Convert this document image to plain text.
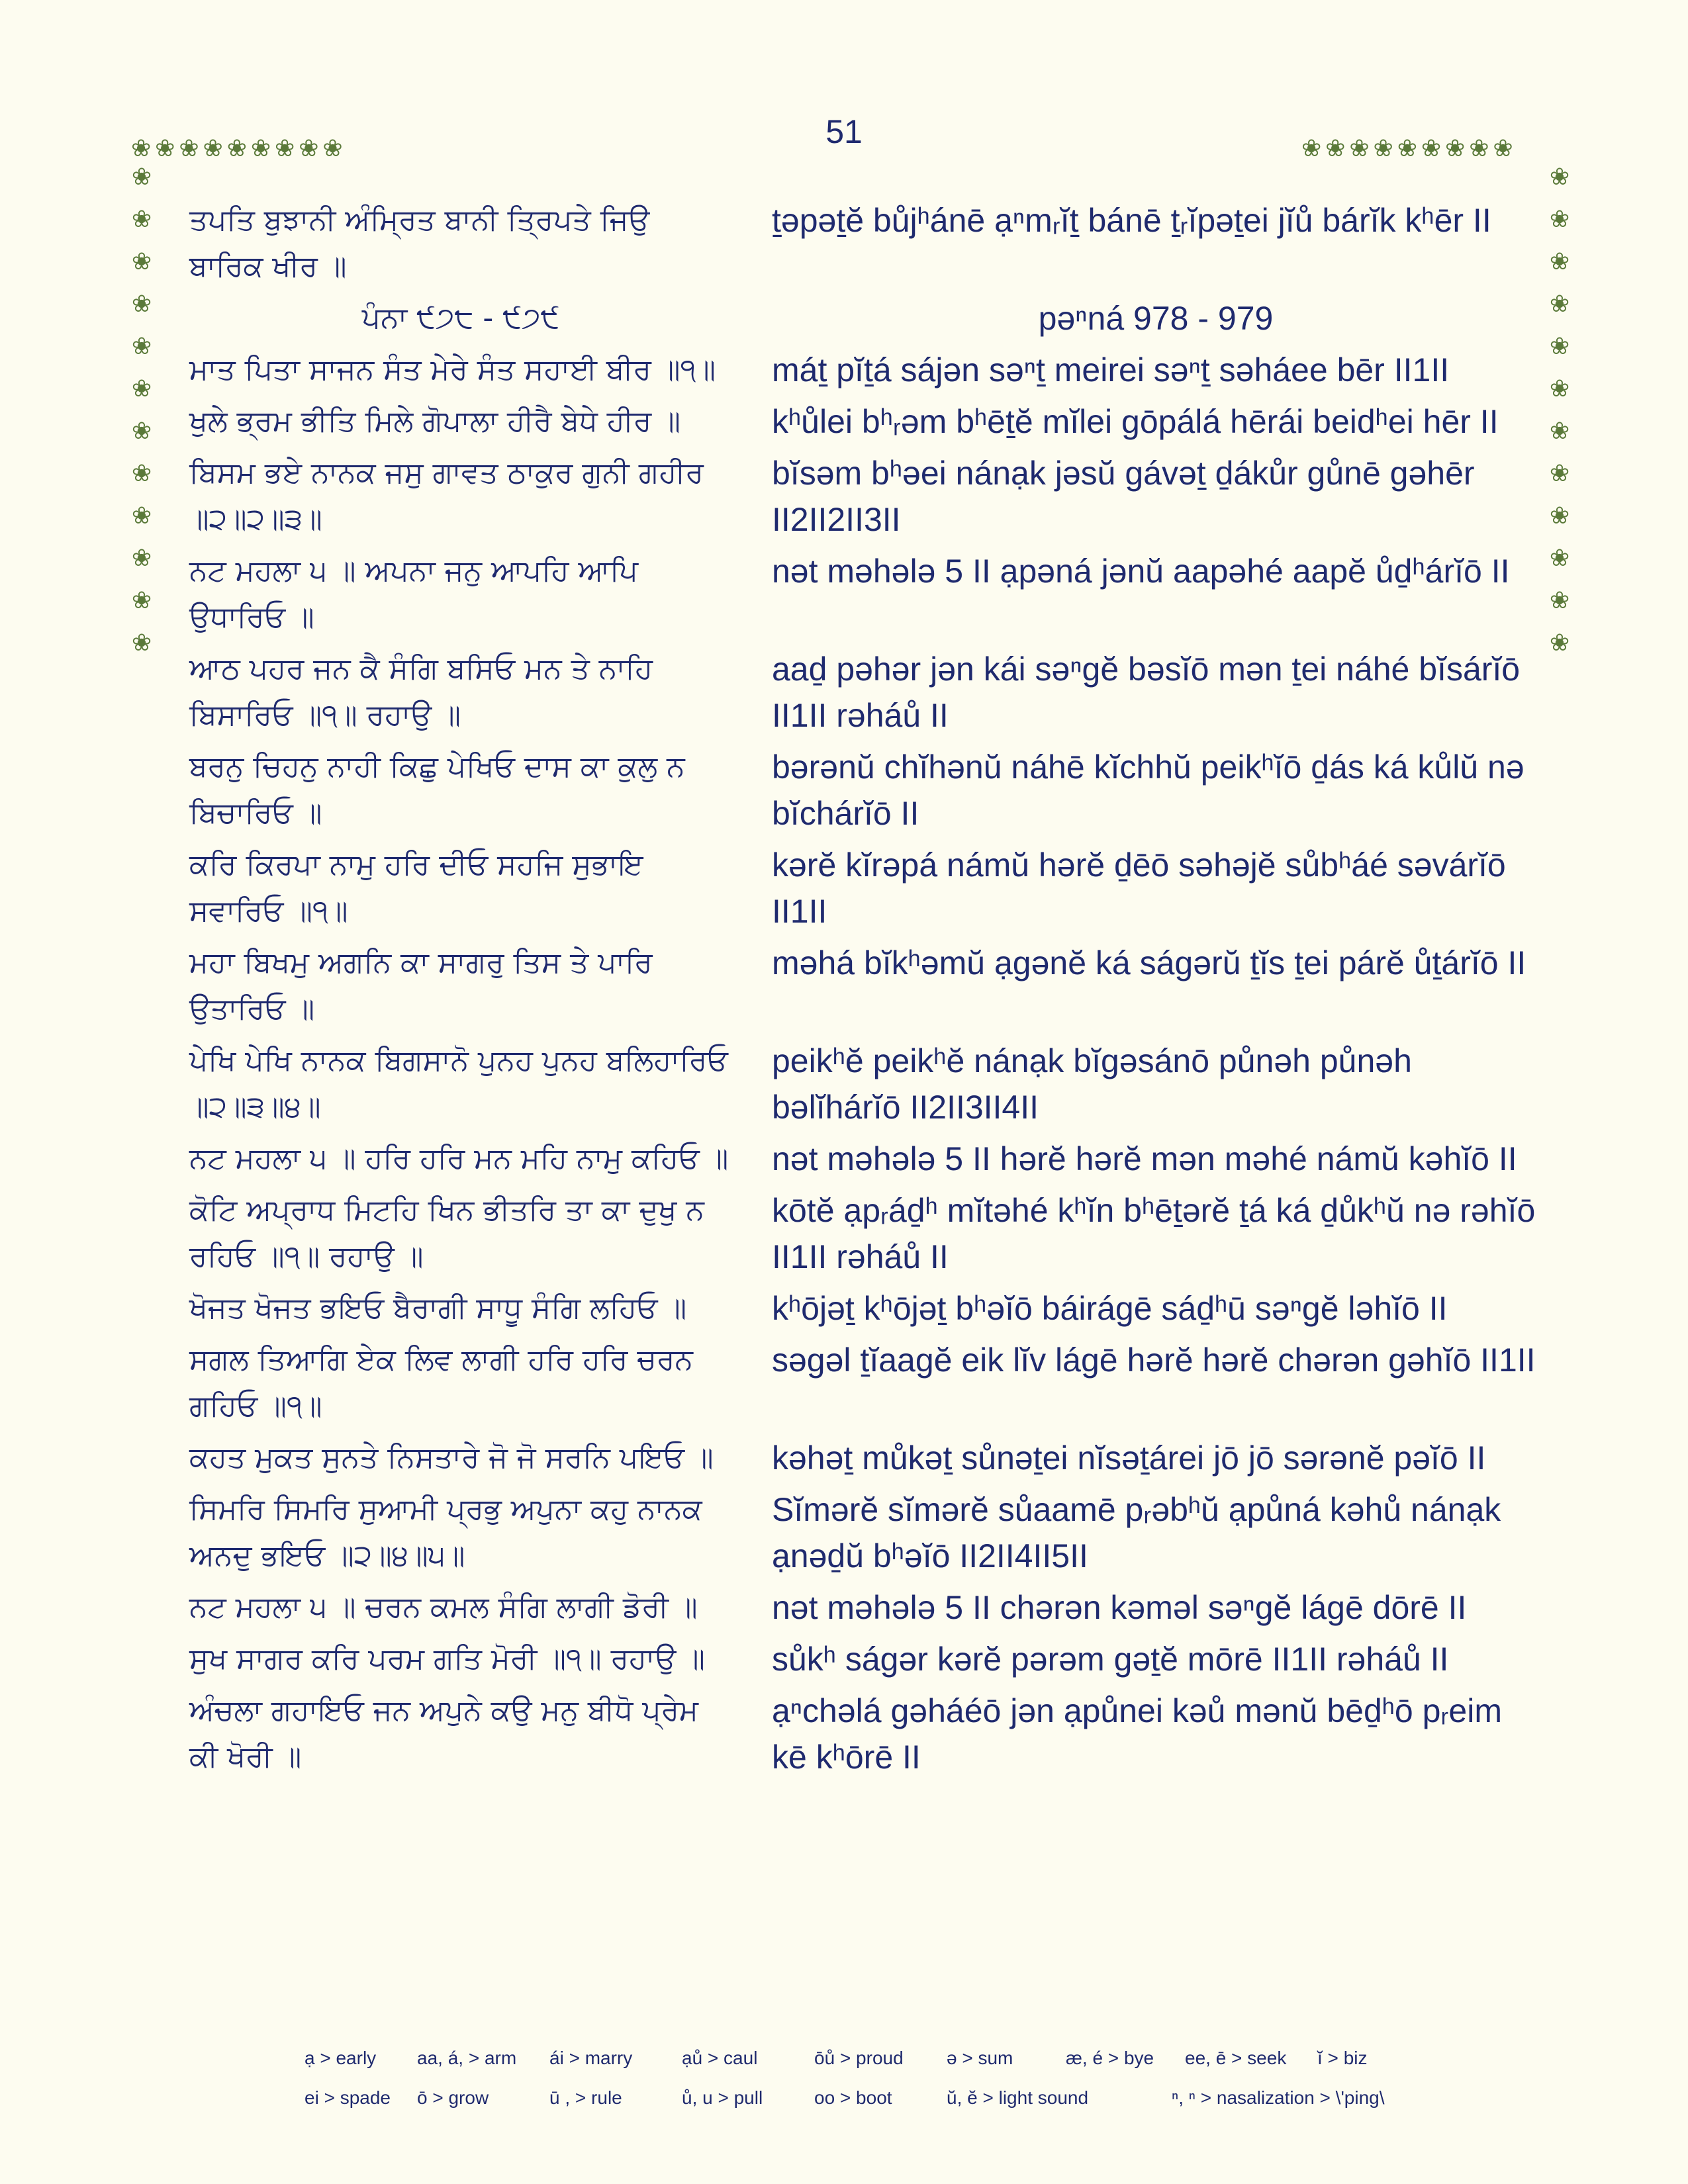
51
❀ ❀ ❀ ❀ ❀ ❀ ❀ ❀ ❀	❀ ❀ ❀ ❀ ❀ ❀ ❀ ❀ ❀
❀
❀
❀
❀
❀
❀
❀
❀
❀
❀
❀
❀
❀
❀
❀
❀
❀
❀
❀
❀
❀
❀
❀
❀
ਤਪਤਿ ਬੁਝਾਨੀ ਅੰਮ੍ਰਿਤ ਬਾਨੀ ਤ੍ਰਿਪਤੇ ਜਿਉ ਬਾਰਿਕ ਖੀਰ ॥
ṯəpəṯĕ bůjʰánē ạⁿmᵣĭṯ bánē ṯᵣĭpəṯei jĭů bárĭk kʰēr II
ਪੰਨਾ ੯੭੮ - ੯੭੯	pəⁿná 978 - 979
ਮਾਤ ਪਿਤਾ ਸਾਜਨ ਸੰਤ ਮੇਰੇ ਸੰਤ ਸਹਾਈ ਬੀਰ ॥੧॥	máṯ pĭṯá sájən səⁿṯ meirei səⁿṯ səháee bēr II1II
ਖੁਲੇ ਭ੍ਰਮ ਭੀਤਿ ਮਿਲੇ ਗੋਪਾਲਾ ਹੀਰੈ ਬੇਧੇ ਹੀਰ ॥	kʰůlei bʰᵣəm bʰēṯĕ mĭlei gōpálá hērái beidʰei hēr II
ਬਿਸਮ ਭਏ ਨਾਨਕ ਜਸੁ ਗਾਵਤ ਠਾਕੁਰ ਗੁਨੀ ਗਹੀਰ ॥੨॥੨॥੩॥
bĭsəm bʰəei nánạk jəsŭ gávəṯ ḏákůr gůnē gəhēr II2II2II3II
ਨਟ ਮਹਲਾ ੫ ॥ ਅਪਨਾ ਜਨੁ ਆਪਹਿ ਆਪਿ ਉਧਾਰਿਓ ॥
nət məhələ 5 II ạpəná jənŭ aapəhé aapĕ ůḏʰárĭō II
ਆਠ ਪਹਰ ਜਨ ਕੈ ਸੰਗਿ ਬਸਿਓ ਮਨ ਤੇ ਨਾਹਿ ਬਿਸਾਰਿਓ ॥੧॥ ਰਹਾਉ ॥
aaḏ pəhər jən kái səⁿgĕ bəsĭō mən ṯei náhé bĭsárĭō II1II rəháů II
ਬਰਨੁ ਚਿਹਨੁ ਨਾਹੀ ਕਿਛੁ ਪੇਖਿਓ ਦਾਸ ਕਾ ਕੁਲੁ ਨ ਬਿਚਾਰਿਓ ॥
bərənŭ chĭhənŭ náhē kĭchhŭ peikʰĭō ḏás ká kůlŭ nə bĭchárĭō II
ਕਰਿ ਕਿਰਪਾ ਨਾਮੁ ਹਰਿ ਦੀਓ ਸਹਜਿ ਸੁਭਾਇ ਸਵਾਰਿਓ ॥੧॥
kərĕ kĭrəpá námŭ hərĕ ḏēō səhəjĕ sůbʰáé səvárĭō II1II
ਮਹਾ ਬਿਖਮੁ ਅਗਨਿ ਕਾ ਸਾਗਰੁ ਤਿਸ ਤੇ ਪਾਰਿ ਉਤਾਰਿਓ ॥
məhá bĭkʰəmŭ ạgənĕ ká ságərŭ ṯĭs ṯei párĕ ůṯárĭō II
ਪੇਖਿ ਪੇਖਿ ਨਾਨਕ ਬਿਗਸਾਨੋ ਪੁਨਹ ਪੁਨਹ ਬਲਿਹਾਰਿਓ ॥੨॥੩॥੪॥
peikʰĕ peikʰĕ nánạk bĭgəsánō půnəh půnəh bəlĭhárĭō II2II3II4II
ਨਟ ਮਹਲਾ ੫ ॥ ਹਰਿ ਹਰਿ ਮਨ ਮਹਿ ਨਾਮੁ ਕਹਿਓ ॥ nət məhələ 5 II hərĕ hərĕ mən məhé námŭ kəhĭō II
ਕੋਟਿ ਅਪ੍ਰਾਧ ਮਿਟਹਿ ਖਿਨ ਭੀਤਰਿ ਤਾ ਕਾ ਦੁਖੁ ਨ ਰਹਿਓ ॥੧॥ ਰਹਾਉ ॥
kōtĕ ạpᵣáḏʰ mĭtəhé kʰĭn bʰēṯərĕ ṯá ká ḏůkʰŭ nə rəhĭō II1II rəháů II
ਖੋਜਤ ਖੋਜਤ ਭਇਓ ਬੈਰਾਗੀ ਸਾਧੂ ਸੰਗਿ ਲਹਿਓ ॥	kʰōjəṯ kʰōjəṯ bʰəĭō báirágē sáḏʰū səⁿgĕ ləhĭō II
ਸਗਲ ਤਿਆਗਿ ਏਕ ਲਿਵ ਲਾਗੀ ਹਰਿ ਹਰਿ ਚਰਨ ਗਹਿਓ ॥੧॥
səgəl ṯĭaagĕ eik lĭv lágē hərĕ hərĕ chərən gəhĭō II1II
ਕਹਤ ਮੁਕਤ ਸੁਨਤੇ ਨਿਸਤਾਰੇ ਜੋ ਜੋ ਸਰਨਿ ਪਇਓ ॥	kəhəṯ můkəṯ sůnəṯei nĭsəṯárei jō jō sərənĕ pəĭō II
ਸਿਮਰਿ ਸਿਮਰਿ ਸੁਆਮੀ ਪ੍ਰਭੁ ਅਪੁਨਾ ਕਹੁ ਨਾਨਕ ਅਨਦੁ ਭਇਓ ॥੨॥੪॥੫॥
Sĭmərĕ sĭmərĕ sůaamē pᵣəbʰŭ ạpůná kəhů nánạk ạnəḏŭ bʰəĭō II2II4II5II
ਨਟ ਮਹਲਾ ੫ ॥ ਚਰਨ ਕਮਲ ਸੰਗਿ ਲਾਗੀ ਡੋਰੀ ॥	nət məhələ 5 II chərən kəməl səⁿgĕ lágē dōrē II
ਸੁਖ ਸਾਗਰ ਕਰਿ ਪਰਮ ਗਤਿ ਮੋਰੀ ॥੧॥ ਰਹਾਉ ॥	sůkʰ ságər kərĕ pərəm gəṯĕ mōrē II1II rəháů II
ਅੰਚਲਾ ਗਹਾਇਓ ਜਨ ਅਪੁਨੇ ਕਉ ਮਨੁ ਬੀਧੋ ਪ੍ਰੇਮ ਕੀ ਖੋਰੀ ॥
ạⁿchəlá gəháéō jən ạpůnei kəů mənŭ bēḏʰō pᵣeim kē kʰōrē II
ạ > early	aa, á, > arm	ái > marry	ạů > caul	ōů > proud	ə > sum	æ, é > bye	ee, ē > seek	ĭ > biz
ei > spade	ō > grow	ū , > rule	ů, u > pull	oo > boot	ŭ, ĕ > light sound	ⁿ, ⁿ > nasalization > \'ping\
